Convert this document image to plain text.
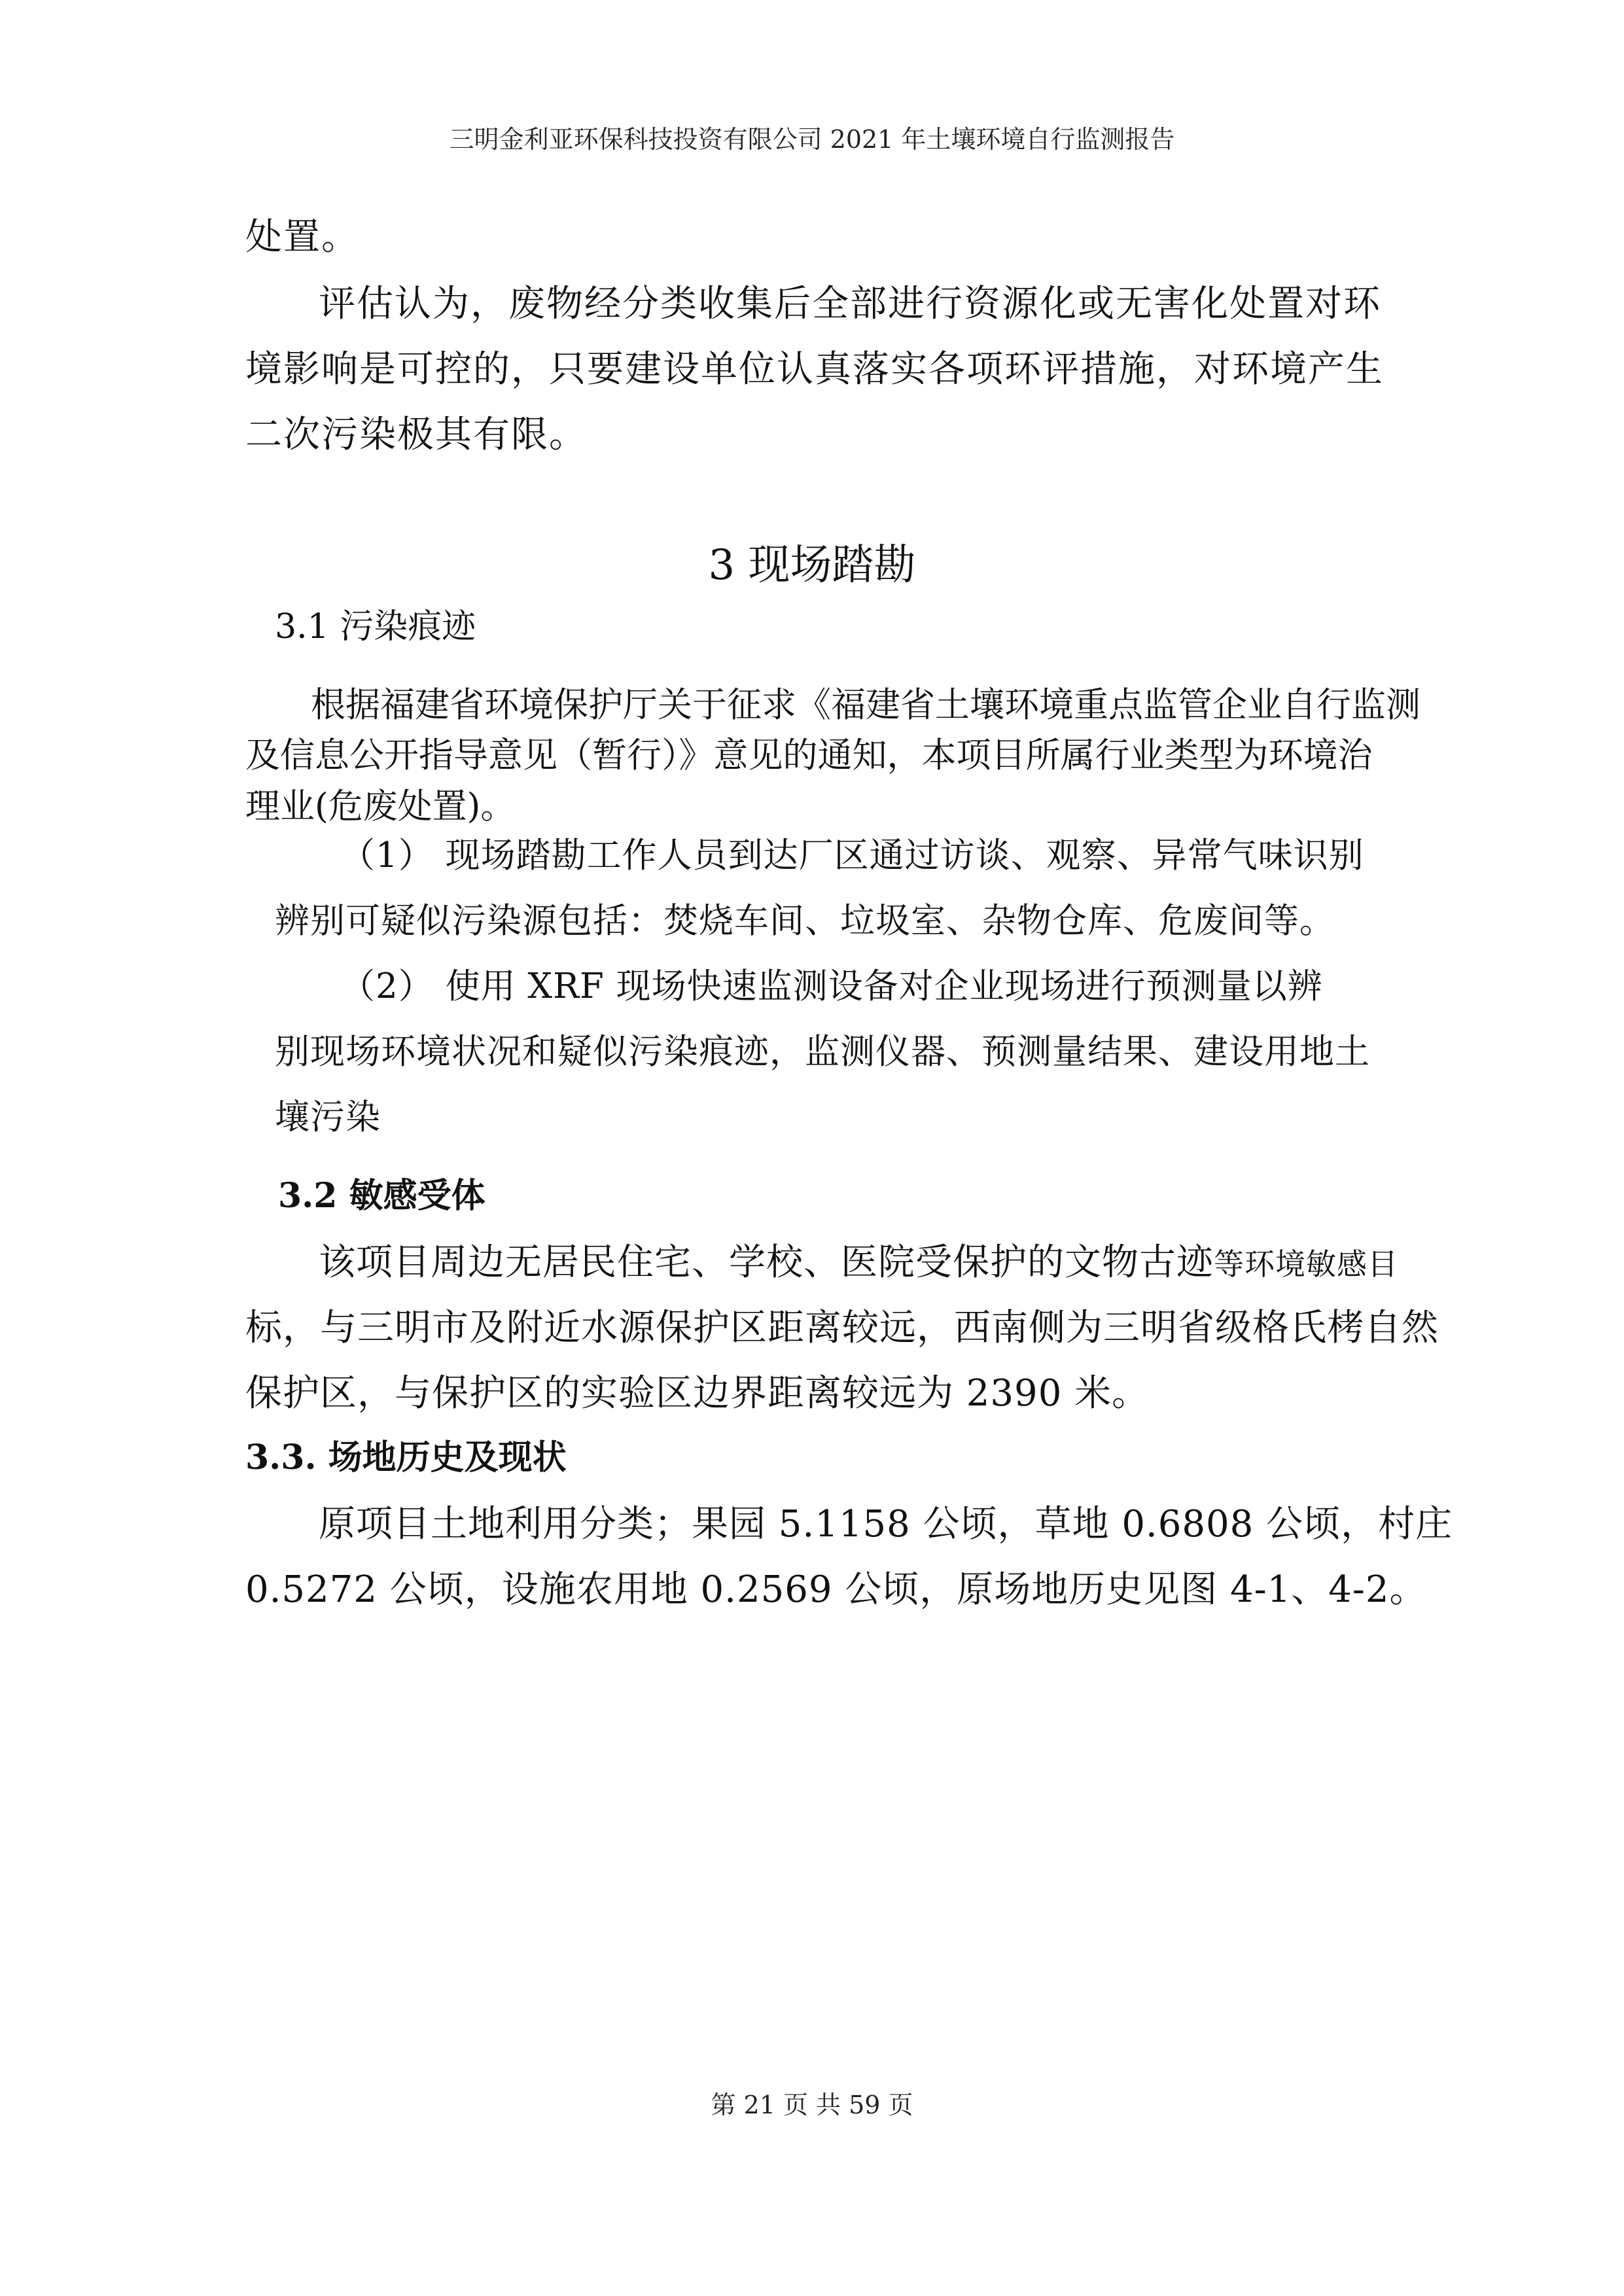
三明金利亚环保科技投资有限公司 2021 年土壤环境自行监测报告
处置。
评估认为，废物经分类收集后全部进行资源化或无害化处置对环
境影响是可控的，只要建设单位认真落实各项环评措施，对环境产生
二次污染极其有限。
3 现场踏勘
3.1 污染痕迹
根据福建省环境保护厅关于征求《福建省土壤环境重点监管企业自行监测
及信息公开指导意见（暂行）》意见的通知，本项目所属行业类型为环境治
理业(危废处置)。
（1） 现场踏勘工作人员到达厂区通过访谈、观察、异常气味识别
辨别可疑似污染源包括：焚烧车间、垃圾室、杂物仓库、危废间等。
（2） 使用 XRF 现场快速监测设备对企业现场进行预测量以辨
别现场环境状况和疑似污染痕迹，监测仪器、预测量结果、建设用地土
壤污染
3.2 敏感受体
该项目周边无居民住宅、学校、医院受保护的文物古迹等环境敏感目
标，与三明市及附近水源保护区距离较远，西南侧为三明省级格氏栲自然
保护区，与保护区的实验区边界距离较远为 2390 米。
3.3. 场地历史及现状
原项目土地利用分类；果园 5.1158 公顷，草地 0.6808 公顷，村庄
0.5272 公顷，设施农用地 0.2569 公顷，原场地历史见图 4-1、4-2。
第 21 页 共 59 页
